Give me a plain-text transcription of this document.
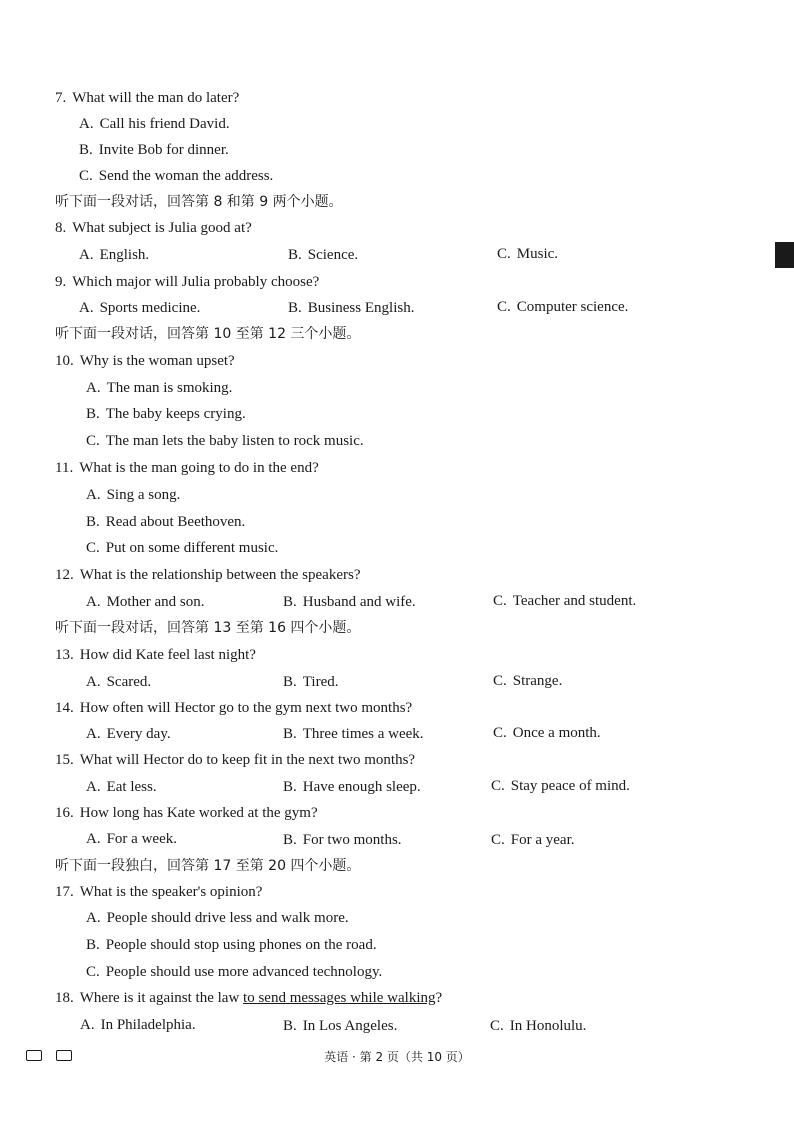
7. What will the man do later?
A. Call his friend David.
B. Invite Bob for dinner.
C. Send the woman the address.
听下面一段对话，回答第 8 和第 9 两个小题。
8. What subject is Julia good at?
A. English.	B. Science.	C. Music.
9. Which major will Julia probably choose?
A. Sports medicine.	B. Business English.	C. Computer science.
听下面一段对话，回答第 10 至第 12 三个小题。
10. Why is the woman upset?
A. The man is smoking.
B. The baby keeps crying.
C. The man lets the baby listen to rock music.
11. What is the man going to do in the end?
A. Sing a song.
B. Read about Beethoven.
C. Put on some different music.
12. What is the relationship between the speakers?
A. Mother and son.	B. Husband and wife.	C. Teacher and student.
听下面一段对话，回答第 13 至第 16 四个小题。
13. How did Kate feel last night?
A. Scared.	B. Tired.	C. Strange.
14. How often will Hector go to the gym next two months?
A. Every day.	B. Three times a week.	C. Once a month.
15. What will Hector do to keep fit in the next two months?
A. Eat less.	B. Have enough sleep.	C. Stay peace of mind.
16. How long has Kate worked at the gym?
A. For a week.	B. For two months.	C. For a year.
听下面一段独白，回答第 17 至第 20 四个小题。
17. What is the speaker's opinion?
A. People should drive less and walk more.
B. People should stop using phones on the road.
C. People should use more advanced technology.
18. Where is it against the law to send messages while walking?
A. In Philadelphia.	B. In Los Angeles.	C. In Honolulu.
英语 · 第 2 页（共 10 页）
